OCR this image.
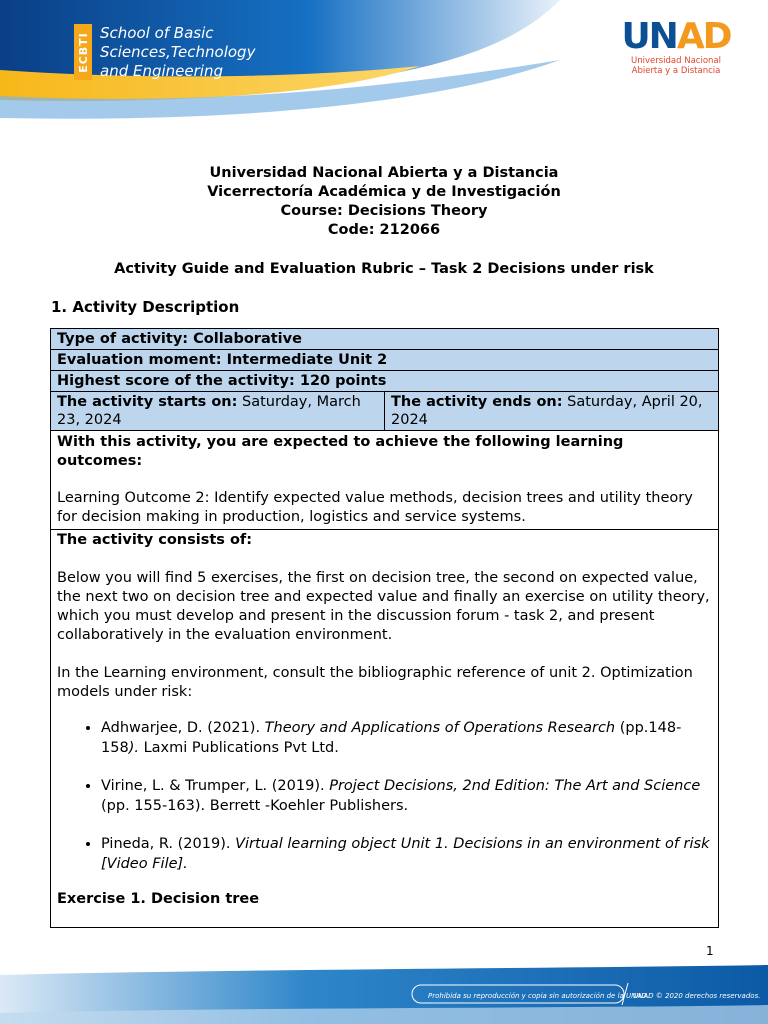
ECBTI School of Basic
Sciences,Technology
and Engineering
UNAD
Universidad Nacional
Abierta y a Distancia
Universidad Nacional Abierta y a Distancia
Vicerrectoría Académica y de Investigación
Course: Decisions Theory
Code: 212066
Activity Guide and Evaluation Rubric – Task 2 Decisions under risk
1. Activity Description
Type of activity: Collaborative
Evaluation moment: Intermediate Unit 2
Highest score of the activity: 120 points
The activity starts on: Saturday, March 23, 2024	The activity ends on: Saturday, April 20, 2024

With this activity, you are expected to achieve the following learning outcomes:

Learning Outcome 2: Identify expected value methods, decision trees and utility theory for decision making in production, logistics and service systems.

The activity consists of:

Below you will find 5 exercises, the first on decision tree, the second on expected value, the next two on decision tree and expected value and finally an exercise on utility theory, which you must develop and present in the discussion forum - task 2, and present collaboratively in the evaluation environment.

In the Learning environment, consult the bibliographic reference of unit 2. Optimization models under risk:

• Adhwarjee, D. (2021). Theory and Applications of Operations Research (pp.148-158). Laxmi Publications Pvt Ltd.
• Virine, L. & Trumper, L. (2019). Project Decisions, 2nd Edition: The Art and Science (pp. 155-163). Berrett -Koehler Publishers.
• Pineda, R. (2019). Virtual learning object Unit 1. Decisions in an environment of risk [Video File].

Exercise 1. Decision tree

1
Prohibida su reproducción y copia sin autorización de la UNAD.
UNAD © 2020 derechos reservados.
